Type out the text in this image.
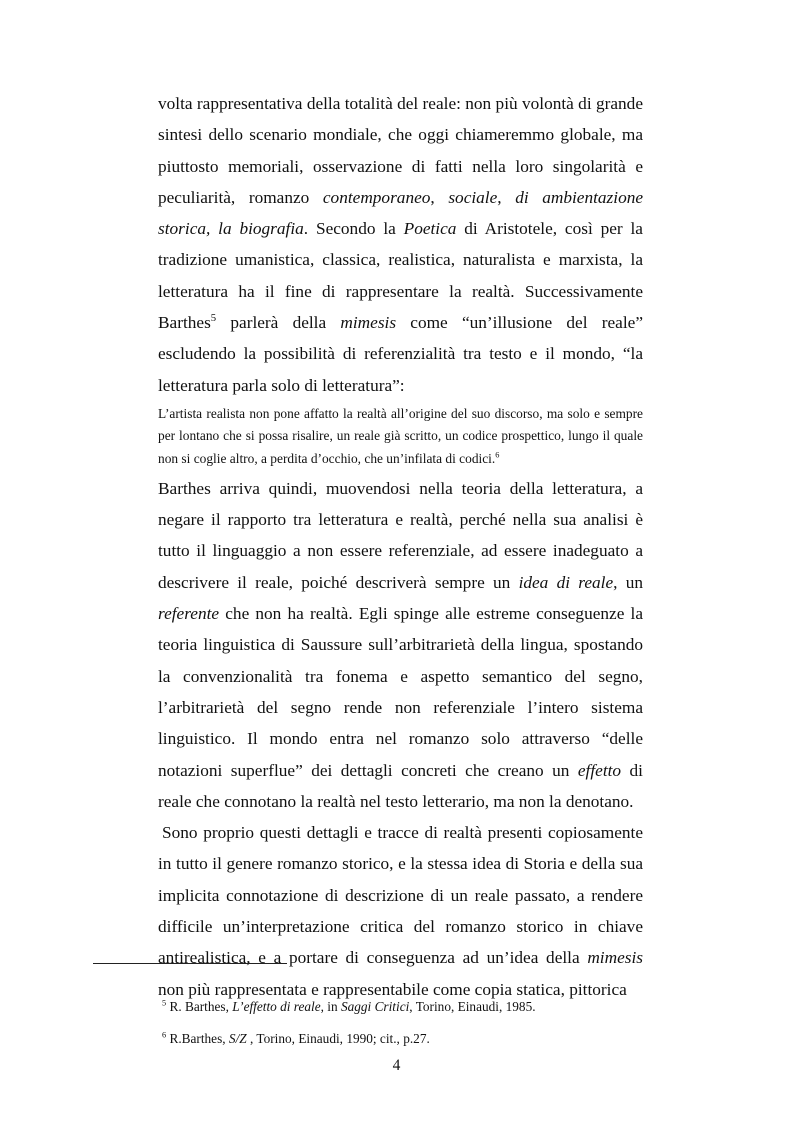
volta rappresentativa della totalità del reale: non più volontà di grande sintesi dello scenario mondiale, che oggi chiameremmo globale, ma piuttosto memoriali, osservazione di fatti nella loro singolarità e peculiarità, romanzo contemporaneo, sociale, di ambientazione storica, la biografia. Secondo la Poetica di Aristotele, così per la tradizione umanistica, classica, realistica, naturalista e marxista, la letteratura ha il fine di rappresentare la realtà. Successivamente Barthes$^5$ parlerà della mimesis come “un’illusione del reale” escludendo la possibilità di referenzialità tra testo e il mondo, “la letteratura parla solo di letteratura”:

L’artista realista non pone affatto la realtà all’origine del suo discorso, ma solo e sempre per lontano che si possa risalire, un reale già scritto, un codice prospettico, lungo il quale non si coglie altro, a perdita d’occhio, che un’infilata di codici.$^6$

Barthes arriva quindi, muovendosi nella teoria della letteratura, a negare il rapporto tra letteratura e realtà, perché nella sua analisi è tutto il linguaggio a non essere referenziale, ad essere inadeguato a descrivere il reale, poiché descriverà sempre un idea di reale, un referente che non ha realtà. Egli spinge alle estreme conseguenze la teoria linguistica di Saussure sull’arbitrarietà della lingua, spostando la convenzionalità tra fonema e aspetto semantico del segno, l’arbitrarietà del segno rende non referenziale l’intero sistema linguistico. Il mondo entra nel romanzo solo attraverso “delle notazioni superflue” dei dettagli concreti che creano un effetto di reale che connotano la realtà nel testo letterario, ma non la denotano.

Sono proprio questi dettagli e tracce di realtà presenti copiosamente in tutto il genere romanzo storico, e la stessa idea di Storia e della sua implicita connotazione di descrizione di un reale passato, a rendere difficile un’interpretazione critica del romanzo storico in chiave antirealistica, e a portare di conseguenza ad un’idea della mimesis non più rappresentata e rappresentabile come copia statica, pittorica

$^5$ R. Barthes, L’effetto di reale, in Saggi Critici, Torino, Einaudi, 1985.
$^6$ R.Barthes, S/Z , Torino, Einaudi, 1990; cit., p.27.
4
